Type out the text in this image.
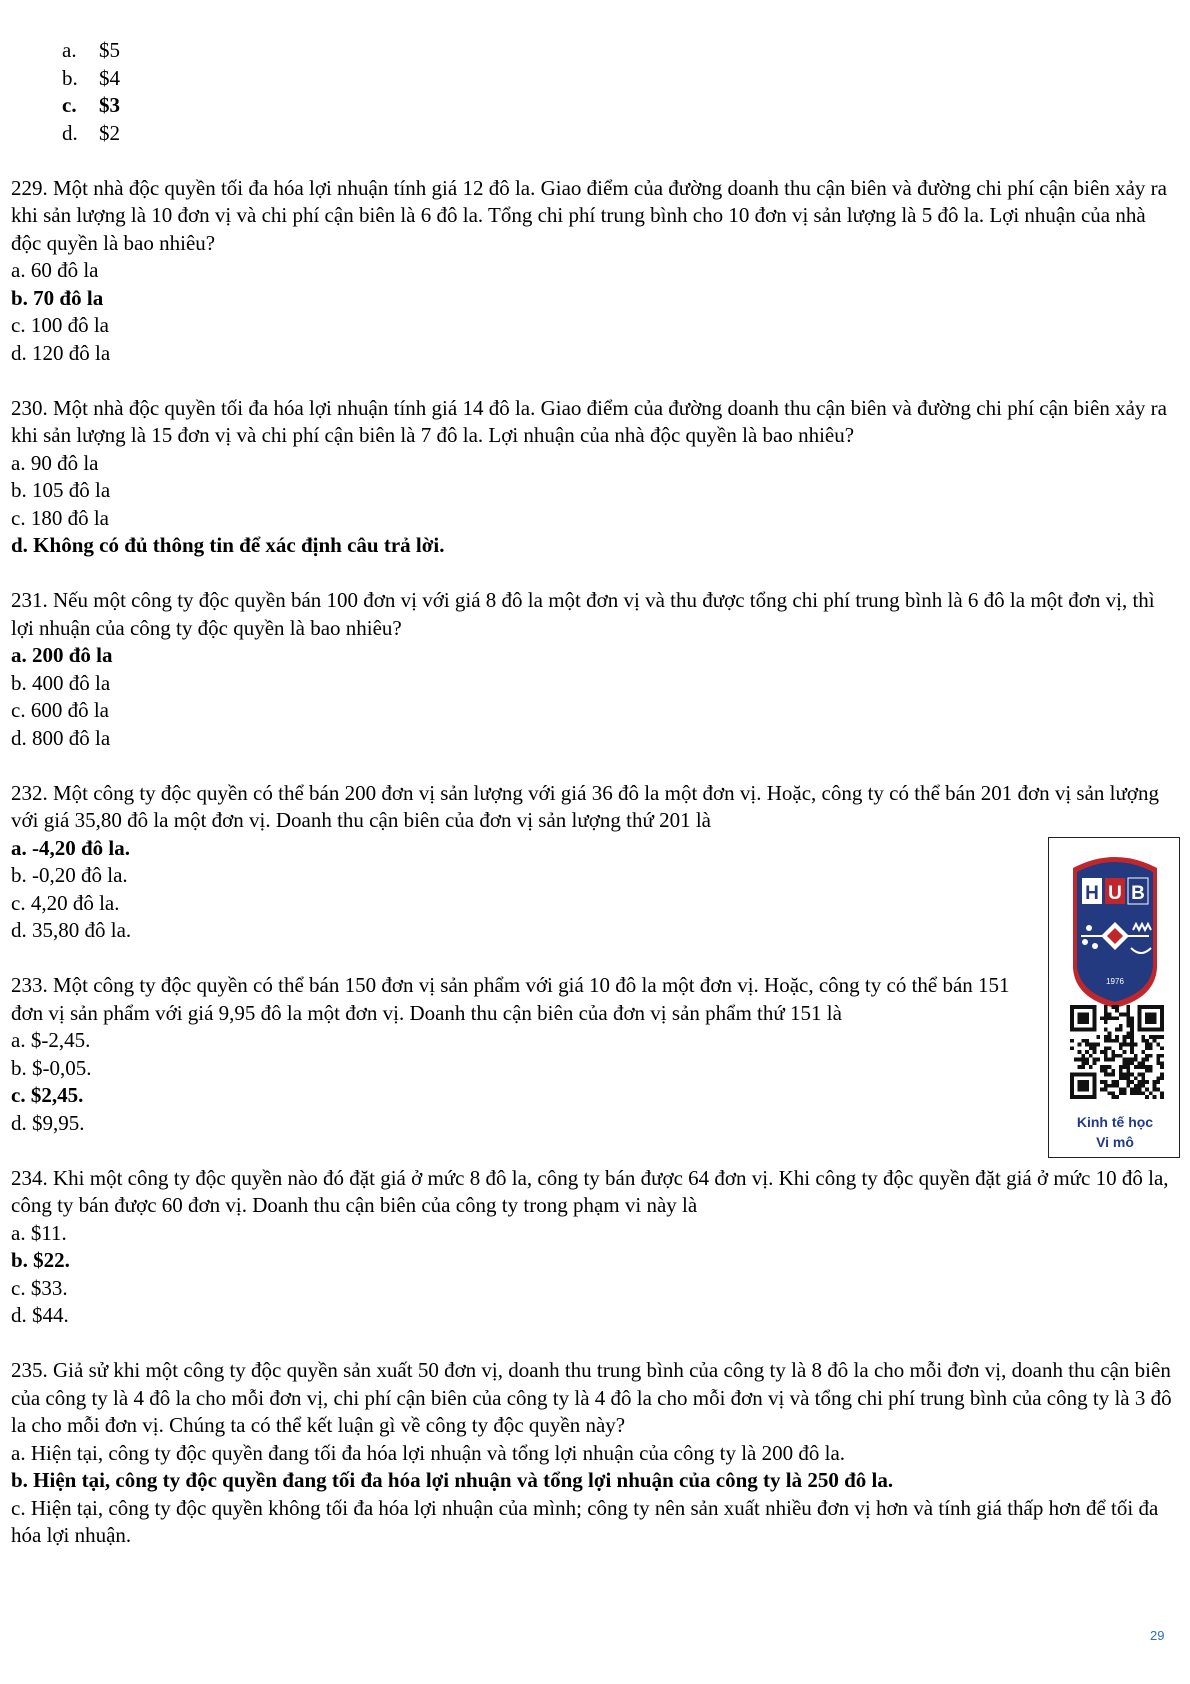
a.	$5
b.	$4
c.	$3
d.	$2

229. Một nhà độc quyền tối đa hóa lợi nhuận tính giá 12 đô la. Giao điểm của đường doanh thu cận biên và đường chi phí cận biên xảy ra khi sản lượng là 10 đơn vị và chi phí cận biên là 6 đô la. Tổng chi phí trung bình cho 10 đơn vị sản lượng là 5 đô la. Lợi nhuận của nhà độc quyền là bao nhiêu?

a. 60 đô la

b. 70 đô la

c. 100 đô la

d. 120 đô la

230. Một nhà độc quyền tối đa hóa lợi nhuận tính giá 14 đô la. Giao điểm của đường doanh thu cận biên và đường chi phí cận biên xảy ra khi sản lượng là 15 đơn vị và chi phí cận biên là 7 đô la. Lợi nhuận của nhà độc quyền là bao nhiêu?

a. 90 đô la

b. 105 đô la

c. 180 đô la

d. Không có đủ thông tin để xác định câu trả lời.

231. Nếu một công ty độc quyền bán 100 đơn vị với giá 8 đô la một đơn vị và thu được tổng chi phí trung bình là 6 đô la một đơn vị, thì lợi nhuận của công ty độc quyền là bao nhiêu?

a. 200 đô la

b. 400 đô la

c. 600 đô la

d. 800 đô la

232. Một công ty độc quyền có thể bán 200 đơn vị sản lượng với giá 36 đô la một đơn vị. Hoặc, công ty có thể bán 201 đơn vị sản lượng với giá 35,80 đô la một đơn vị. Doanh thu cận biên của đơn vị sản lượng thứ 201 là

a. -4,20 đô la.

b. -0,20 đô la.

c. 4,20 đô la.

d. 35,80 đô la.

233. Một công ty độc quyền có thể bán 150 đơn vị sản phẩm với giá 10 đô la một đơn vị. Hoặc, công ty có thể bán 151 đơn vị sản phẩm với giá 9,95 đô la một đơn vị. Doanh thu cận biên của đơn vị sản phẩm thứ 151 là

a. $-2,45.

b. $-0,05.

c. $2,45.

d. $9,95.

234. Khi một công ty độc quyền nào đó đặt giá ở mức 8 đô la, công ty bán được 64 đơn vị. Khi công ty độc quyền đặt giá ở mức 10 đô la, công ty bán được 60 đơn vị. Doanh thu cận biên của công ty trong phạm vi này là

a. $11.

b. $22.

c. $33.

d. $44.

235. Giả sử khi một công ty độc quyền sản xuất 50 đơn vị, doanh thu trung bình của công ty là 8 đô la cho mỗi đơn vị, doanh thu cận biên của công ty là 4 đô la cho mỗi đơn vị, chi phí cận biên của công ty là 4 đô la cho mỗi đơn vị và tổng chi phí trung bình của công ty là 3 đô la cho mỗi đơn vị. Chúng ta có thể kết luận gì về công ty độc quyền này?

a. Hiện tại, công ty độc quyền đang tối đa hóa lợi nhuận và tổng lợi nhuận của công ty là 200 đô la.

b. Hiện tại, công ty độc quyền đang tối đa hóa lợi nhuận và tổng lợi nhuận của công ty là 250 đô la.

c. Hiện tại, công ty độc quyền không tối đa hóa lợi nhuận của mình; công ty nên sản xuất nhiều đơn vị hơn và tính giá thấp hơn để tối đa hóa lợi nhuận.

H U B
1976
Kinh tế học
Vi mô
29
